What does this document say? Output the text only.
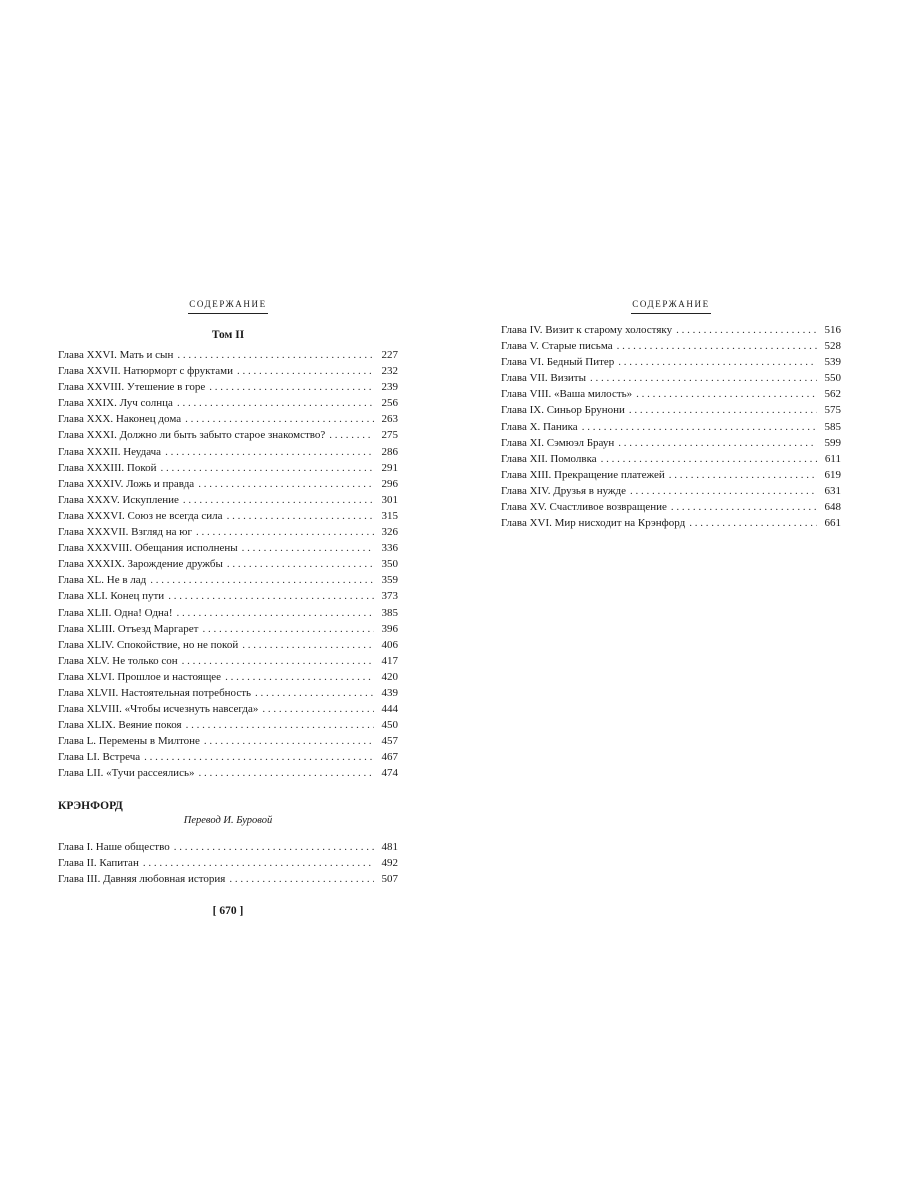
СОДЕРЖАНИЕ
Том II
Глава XXVI. Мать и сын . . .	227
Глава XXVII. Натюрморт с фруктами . . .	232
Глава XXVIII. Утешение в горе . . .	239
Глава XXIX. Луч солнца . . .	256
Глава XXX. Наконец дома . . .	263
Глава XXXI. Должно ли быть забыто старое знакомство? . . .	275
Глава XXXII. Неудача . . .	286
Глава XXXIII. Покой . . .	291
Глава XXXIV. Ложь и правда . . .	296
Глава XXXV. Искупление . . .	301
Глава XXXVI. Союз не всегда сила . . .	315
Глава XXXVII. Взгляд на юг . . .	326
Глава XXXVIII. Обещания исполнены . . .	336
Глава XXXIX. Зарождение дружбы . . .	350
Глава XL. Не в лад . . .	359
Глава XLI. Конец пути . . .	373
Глава XLII. Одна! Одна! . . .	385
Глава XLIII. Отъезд Маргарет . . .	396
Глава XLIV. Спокойствие, но не покой . . .	406
Глава XLV. Не только сон . . .	417
Глава XLVI. Прошлое и настоящее . . .	420
Глава XLVII. Настоятельная потребность . . .	439
Глава XLVIII. «Чтобы исчезнуть навсегда» . . .	444
Глава XLIX. Веяние покоя . . .	450
Глава L. Перемены в Милтоне . . .	457
Глава LI. Встреча . . .	467
Глава LII. «Тучи рассеялись» . . .	474
КРЭНФОРД
Перевод И. Буровой
Глава I. Наше общество . . .	481
Глава II. Капитан . . .	492
Глава III. Давняя любовная история . . .	507
[ 670 ]
СОДЕРЖАНИЕ
Глава IV. Визит к старому холостяку . . .	516
Глава V. Старые письма . . .	528
Глава VI. Бедный Питер . . .	539
Глава VII. Визиты . . .	550
Глава VIII. «Ваша милость» . . .	562
Глава IX. Синьор Брунони . . .	575
Глава X. Паника . . .	585
Глава XI. Сэмюэл Браун . . .	599
Глава XII. Помолвка . . .	611
Глава XIII. Прекращение платежей . . .	619
Глава XIV. Друзья в нужде . . .	631
Глава XV. Счастливое возвращение . . .	648
Глава XVI. Мир нисходит на Крэнфорд . . .	661
